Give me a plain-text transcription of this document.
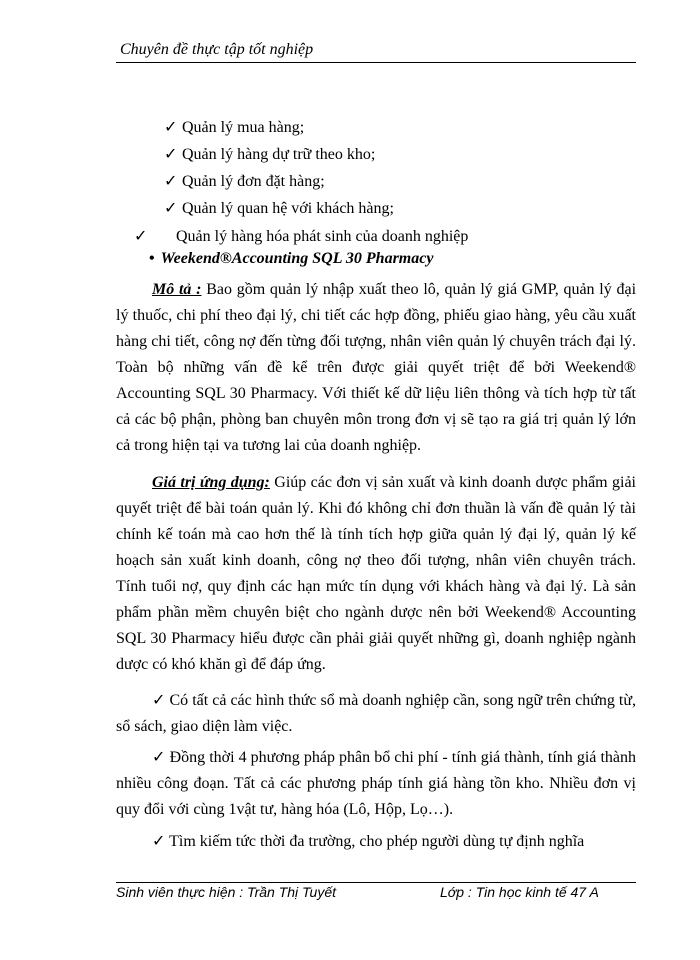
Chuyên đề thực tập tốt nghiệp
✓ Quản lý mua hàng;
✓ Quản lý hàng dự trữ theo kho;
✓ Quản lý đơn đặt hàng;
✓ Quản lý quan hệ với khách hàng;
✓ Quản lý hàng hóa phát sinh của doanh nghiệp
• Weekend®Accounting SQL 30 Pharmacy
Mô tả : Bao gồm quản lý nhập xuất theo lô, quản lý giá GMP, quản lý đại lý thuốc, chi phí theo đại lý, chi tiết các hợp đồng, phiếu giao hàng, yêu cầu xuất hàng chi tiết, công nợ đến từng đối tượng, nhân viên quản lý chuyên trách đại lý. Toàn bộ những vấn đề kể trên được giải quyết triệt để bởi Weekend® Accounting SQL 30 Pharmacy. Với thiết kế dữ liệu liên thông và tích hợp từ tất cả các bộ phận, phòng ban chuyên môn trong đơn vị sẽ tạo ra giá trị quản lý lớn cả trong hiện tại va tương lai của doanh nghiệp.
Giá trị ứng dụng: Giúp các đơn vị sản xuất và kinh doanh dược phẩm giải quyết triệt để bài toán quản lý. Khi đó không chỉ đơn thuần là vấn đề quản lý tài chính kế toán mà cao hơn thế là tính tích hợp giữa quản lý đại lý, quản lý kế hoạch sản xuất kinh doanh, công nợ theo đối tượng, nhân viên chuyên trách. Tính tuổi nợ, quy định các hạn mức tín dụng với khách hàng và đại lý. Là sản phẩm phần mềm chuyên biệt cho ngành dược nên bởi Weekend® Accounting SQL 30 Pharmacy hiểu được cần phải giải quyết những gì, doanh nghiệp ngành dược có khó khăn gì để đáp ứng.
✓ Có tất cả các hình thức sổ mà doanh nghiệp cần, song ngữ trên chứng từ, sổ sách, giao diện làm việc.
✓ Đồng thời 4 phương pháp phân bổ chi phí - tính giá thành, tính giá thành nhiều công đoạn. Tất cả các phương pháp tính giá hàng tồn kho. Nhiều đơn vị quy đổi với cùng 1vật tư, hàng hóa (Lô, Hộp, Lọ…).
✓ Tìm kiếm tức thời đa trường, cho phép người dùng tự định nghĩa
Sinh viên thực hiện : Trần Thị Tuyết	Lớp : Tin học kinh tế 47 A
